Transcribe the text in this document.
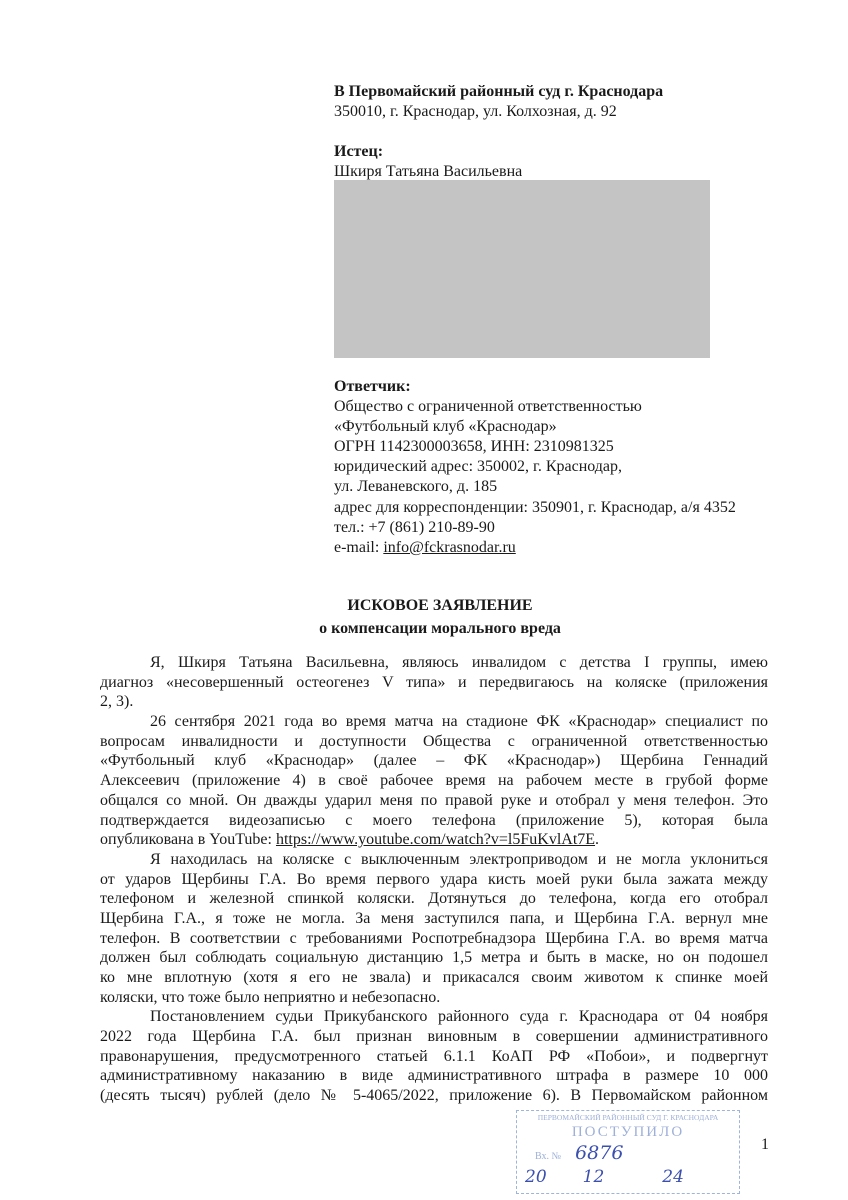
В Первомайский районный суд г. Краснодара
350010, г. Краснодар, ул. Колхозная, д. 92
Истец:
Шкиря Татьяна Васильевна
Ответчик:
Общество с ограниченной ответственностью
«Футбольный клуб «Краснодар»
ОГРН 1142300003658, ИНН: 2310981325
юридический адрес: 350002, г. Краснодар,
ул. Леваневского, д. 185
адрес для корреспонденции: 350901, г. Краснодар, а/я 4352
тел.: +7 (861) 210-89-90
e-mail: info@fckrasnodar.ru
ИСКОВОЕ ЗАЯВЛЕНИЕ
о компенсации морального вреда
Я, Шкиря Татьяна Васильевна, являюсь инвалидом с детства I группы, имею
диагноз «несовершенный остеогенез V типа» и передвигаюсь на коляске (приложения
2, 3).
26 сентября 2021 года во время матча на стадионе ФК «Краснодар» специалист по
вопросам инвалидности и доступности Общества с ограниченной ответственностью
«Футбольный клуб «Краснодар» (далее – ФК «Краснодар») Щербина Геннадий
Алексеевич (приложение 4) в своё рабочее время на рабочем месте в грубой форме
общался со мной. Он дважды ударил меня по правой руке и отобрал у меня телефон. Это
подтверждается видеозаписью с моего телефона (приложение 5), которая была
опубликована в YouTube: https://www.youtube.com/watch?v=l5FuKvlAt7E.
Я находилась на коляске с выключенным электроприводом и не могла уклониться
от ударов Щербины Г.А. Во время первого удара кисть моей руки была зажата между
телефоном и железной спинкой коляски. Дотянуться до телефона, когда его отобрал
Щербина Г.А., я тоже не могла. За меня заступился папа, и Щербина Г.А. вернул мне
телефон. В соответствии с требованиями Роспотребнадзора Щербина Г.А. во время матча
должен был соблюдать социальную дистанцию 1,5 метра и быть в маске, но он подошел
ко мне вплотную (хотя я его не звала) и прикасался своим животом к спинке моей
коляски, что тоже было неприятно и небезопасно.
Постановлением судьи Прикубанского районного суда г. Краснодара от 04 ноября
2022 года Щербина Г.А. был признан виновным в совершении административного
правонарушения, предусмотренного статьей 6.1.1 КоАП РФ «Побои», и подвергнут
административному наказанию в виде административного штрафа в размере 10 000
(десять тысяч) рублей (дело № 5-4065/2022, приложение 6). В Первомайском районном
ПЕРВОМАЙСКИЙ РАЙОННЫЙ СУД Г. КРАСНОДАРА
ПОСТУПИЛО
Вх. № 6876
20 12	24
1
